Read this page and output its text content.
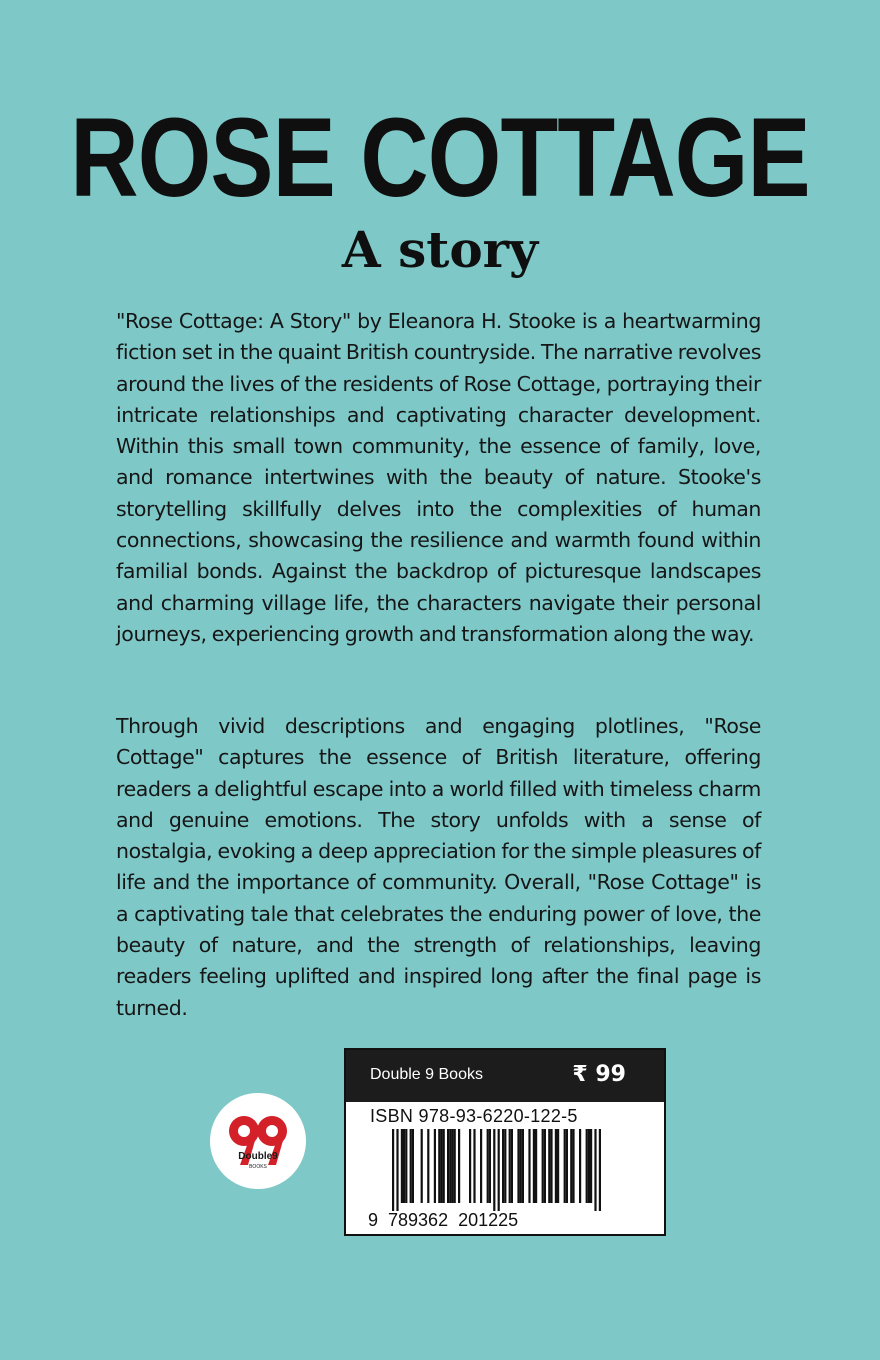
ROSE COTTAGE
A story

"Rose Cottage: A Story" by Eleanora H. Stooke is a heartwarming fiction set in the quaint British countryside. The narrative revolves around the lives of the residents of Rose Cottage, portraying their intricate relationships and captivating character development. Within this small town community, the essence of family, love, and romance intertwines with the beauty of nature. Stooke's storytelling skillfully delves into the complexities of human connections, showcasing the resilience and warmth found within familial bonds. Against the backdrop of picturesque landscapes and charming village life, the characters navigate their personal journeys, experiencing growth and transformation along the way.

Through vivid descriptions and engaging plotlines, "Rose Cottage" captures the essence of British literature, offering readers a delightful escape into a world filled with timeless charm and genuine emotions. The story unfolds with a sense of nostalgia, evoking a deep appreciation for the simple pleasures of life and the importance of community. Overall, "Rose Cottage" is a captivating tale that celebrates the enduring power of love, the beauty of nature, and the strength of relationships, leaving readers feeling uplifted and inspired long after the final page is turned.

Double9
BOOKS
Double 9 Books	₹ 99
ISBN 978-93-6220-122-5
9  789362  201225
